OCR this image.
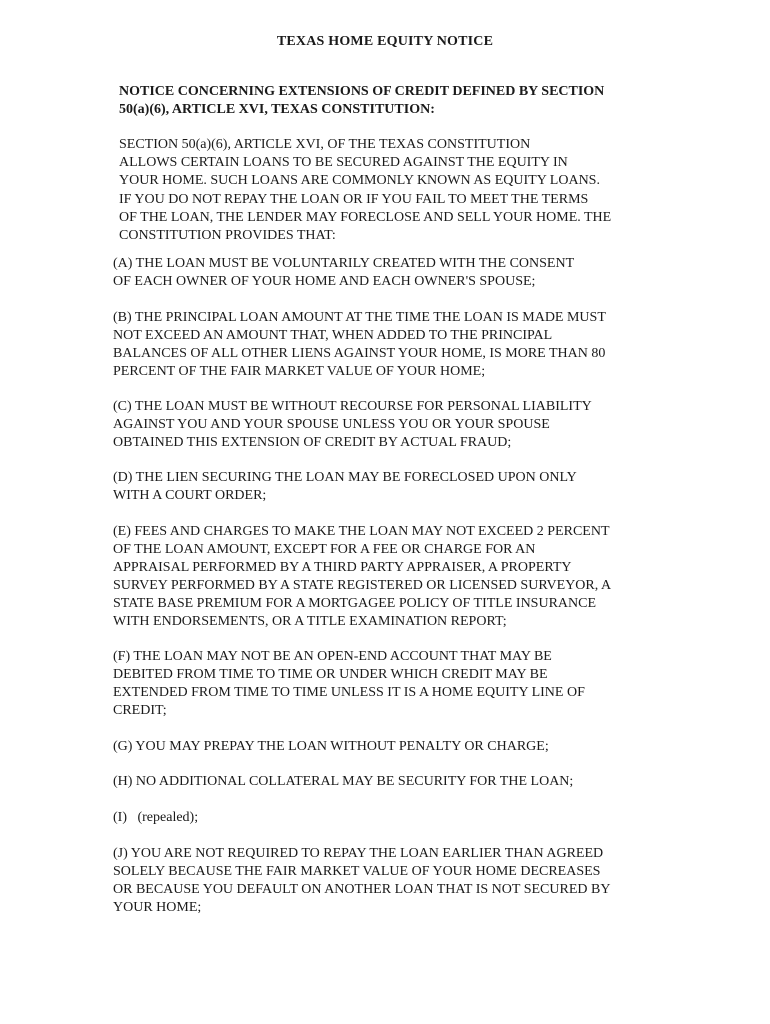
TEXAS HOME EQUITY NOTICE
NOTICE CONCERNING EXTENSIONS OF CREDIT DEFINED BY SECTION
50(a)(6), ARTICLE XVI, TEXAS CONSTITUTION:
SECTION 50(a)(6), ARTICLE XVI, OF THE TEXAS CONSTITUTION
ALLOWS CERTAIN LOANS TO BE SECURED AGAINST THE EQUITY IN
YOUR HOME. SUCH LOANS ARE COMMONLY KNOWN AS EQUITY LOANS.
IF YOU DO NOT REPAY THE LOAN OR IF YOU FAIL TO MEET THE TERMS
OF THE LOAN, THE LENDER MAY FORECLOSE AND SELL YOUR HOME. THE
CONSTITUTION PROVIDES THAT:
(A) THE LOAN MUST BE VOLUNTARILY CREATED WITH THE CONSENT
OF EACH OWNER OF YOUR HOME AND EACH OWNER'S SPOUSE;
(B) THE PRINCIPAL LOAN AMOUNT AT THE TIME THE LOAN IS MADE MUST
NOT EXCEED AN AMOUNT THAT, WHEN ADDED TO THE PRINCIPAL
BALANCES OF ALL OTHER LIENS AGAINST YOUR HOME, IS MORE THAN 80
PERCENT OF THE FAIR MARKET VALUE OF YOUR HOME;
(C) THE LOAN MUST BE WITHOUT RECOURSE FOR PERSONAL LIABILITY
AGAINST YOU AND YOUR SPOUSE UNLESS YOU OR YOUR SPOUSE
OBTAINED THIS EXTENSION OF CREDIT BY ACTUAL FRAUD;
(D) THE LIEN SECURING THE LOAN MAY BE FORECLOSED UPON ONLY
WITH A COURT ORDER;
(E) FEES AND CHARGES TO MAKE THE LOAN MAY NOT EXCEED 2 PERCENT
OF THE LOAN AMOUNT, EXCEPT FOR A FEE OR CHARGE FOR AN
APPRAISAL PERFORMED BY A THIRD PARTY APPRAISER, A PROPERTY
SURVEY PERFORMED BY A STATE REGISTERED OR LICENSED SURVEYOR, A
STATE BASE PREMIUM FOR A MORTGAGEE POLICY OF TITLE INSURANCE
WITH ENDORSEMENTS, OR A TITLE EXAMINATION REPORT;
(F) THE LOAN MAY NOT BE AN OPEN-END ACCOUNT THAT MAY BE
DEBITED FROM TIME TO TIME OR UNDER WHICH CREDIT MAY BE
EXTENDED FROM TIME TO TIME UNLESS IT IS A HOME EQUITY LINE OF
CREDIT;
(G) YOU MAY PREPAY THE LOAN WITHOUT PENALTY OR CHARGE;
(H) NO ADDITIONAL COLLATERAL MAY BE SECURITY FOR THE LOAN;
(I)   (repealed);
(J) YOU ARE NOT REQUIRED TO REPAY THE LOAN EARLIER THAN AGREED
SOLELY BECAUSE THE FAIR MARKET VALUE OF YOUR HOME DECREASES
OR BECAUSE YOU DEFAULT ON ANOTHER LOAN THAT IS NOT SECURED BY
YOUR HOME;
